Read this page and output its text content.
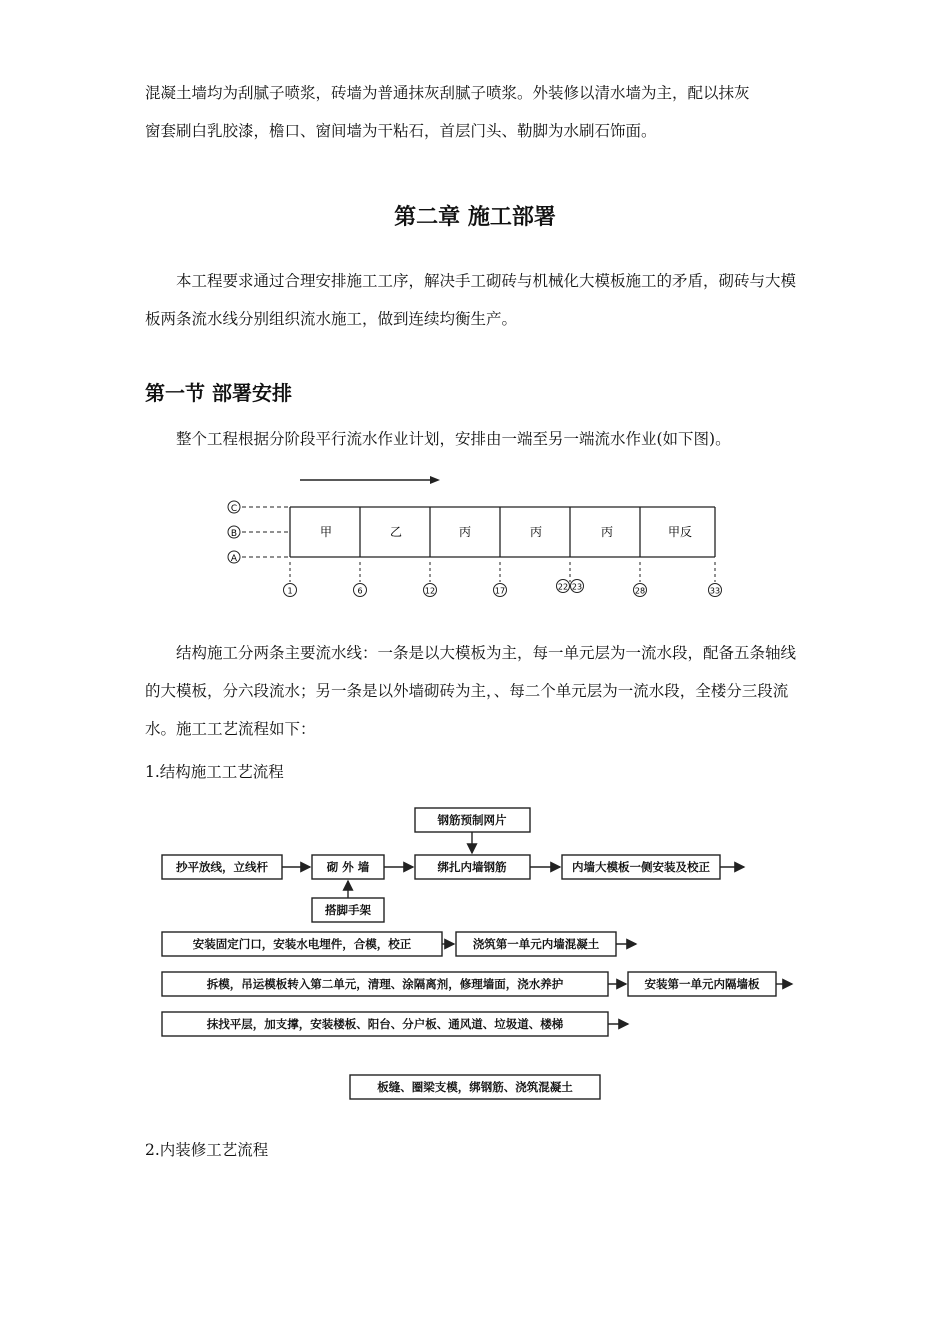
混凝土墙均为刮腻子喷浆，砖墙为普通抹灰刮腻子喷浆。外装修以清水墙为主，配以抹灰

窗套刷白乳胶漆，檐口、窗间墙为干粘石，首层门头、勒脚为水刷石饰面。

第二章 施工部署

本工程要求通过合理安排施工工序，解决手工砌砖与机械化大模板施工的矛盾，砌砖与大模板两条流水线分别组织流水施工，做到连续均衡生产。

第一节 部署安排

整个工程根据分阶段平行流水作业计划，安排由一端至另一端流水作业(如下图)。

C
B
A
甲	乙	丙	丙	丙	甲反
1	6	12	17	22 23	28	33

结构施工分两条主要流水线：一条是以大模板为主，每一单元层为一流水段，配备五条轴线的大模板，分六段流水；另一条是以外墙砌砖为主，、每二个单元层为一流水段，全楼分三段流水。施工工艺流程如下：

1.结构施工工艺流程

钢筋预制网片
抄平放线，立线杆	砌 外 墙	绑扎内墙钢筋	内墙大模板一侧安装及校正
搭脚手架
安装固定门口，安装水电埋件，合模，校正	浇筑第一单元内墙混凝土
拆模，吊运模板转入第二单元，清理、涂隔离剂，修理墙面，浇水养护	安装第一单元内隔墙板
抹找平层，加支撑，安装楼板、阳台、分户板、通风道、垃圾道、楼梯
板缝、圈梁支模，绑钢筋、浇筑混凝土

2.内装修工艺流程
